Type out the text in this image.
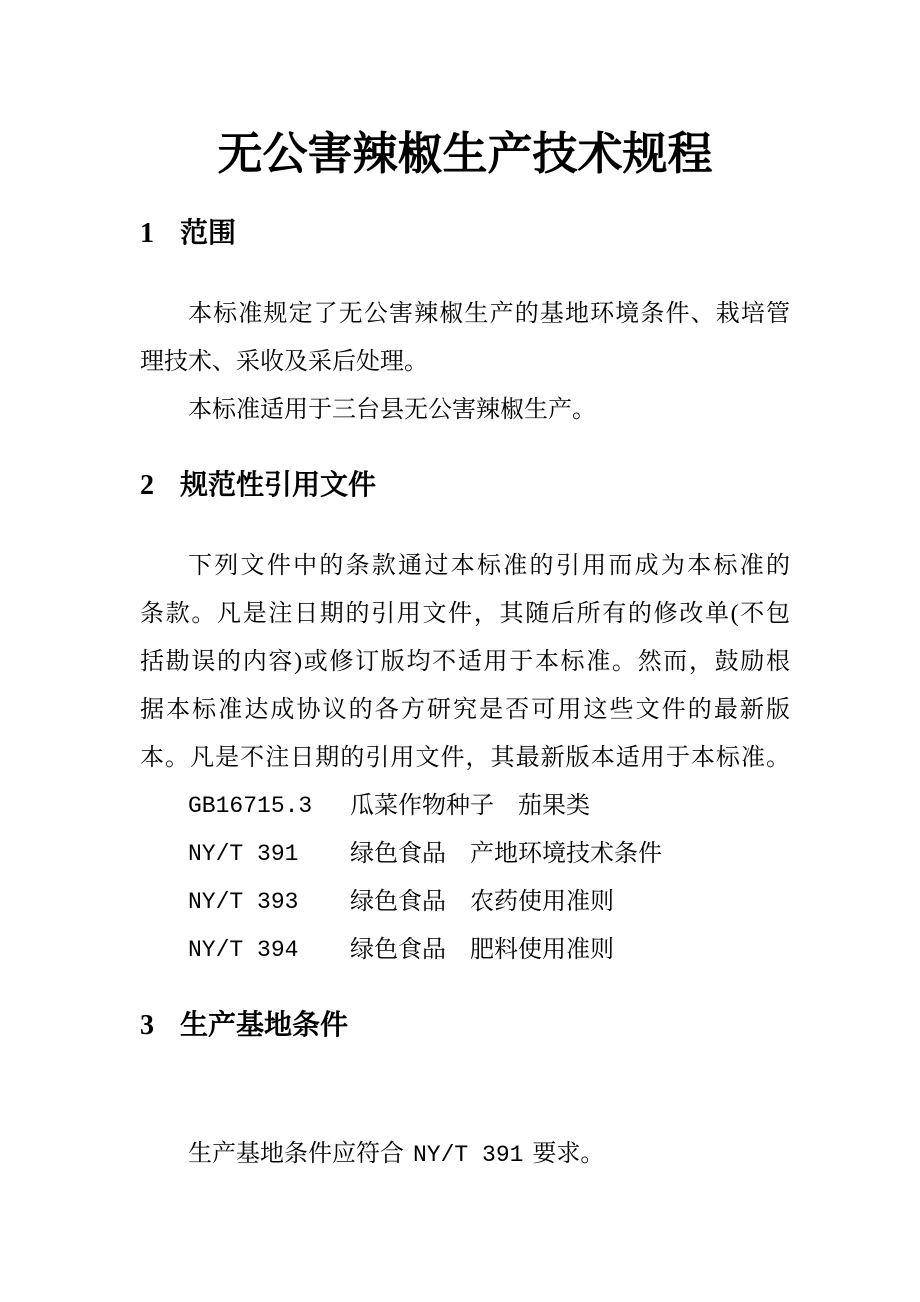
无公害辣椒生产技术规程
1 范围
本标准规定了无公害辣椒生产的基地环境条件、栽培管
理技术、采收及采后处理。
本标准适用于三台县无公害辣椒生产。
2 规范性引用文件
下列文件中的条款通过本标准的引用而成为本标准的
条款。凡是注日期的引用文件，其随后所有的修改单(不包
括勘误的内容)或修订版均不适用于本标准。然而，鼓励根
据本标准达成协议的各方研究是否可用这些文件的最新版
本。凡是不注日期的引用文件，其最新版本适用于本标准。
GB16715.3	瓜菜作物种子　茄果类
NY/T 391	绿色食品　产地环境技术条件
NY/T 393	绿色食品　农药使用准则
NY/T 394	绿色食品　肥料使用准则
3 生产基地条件

生产基地条件应符合 NY/T 391 要求。
